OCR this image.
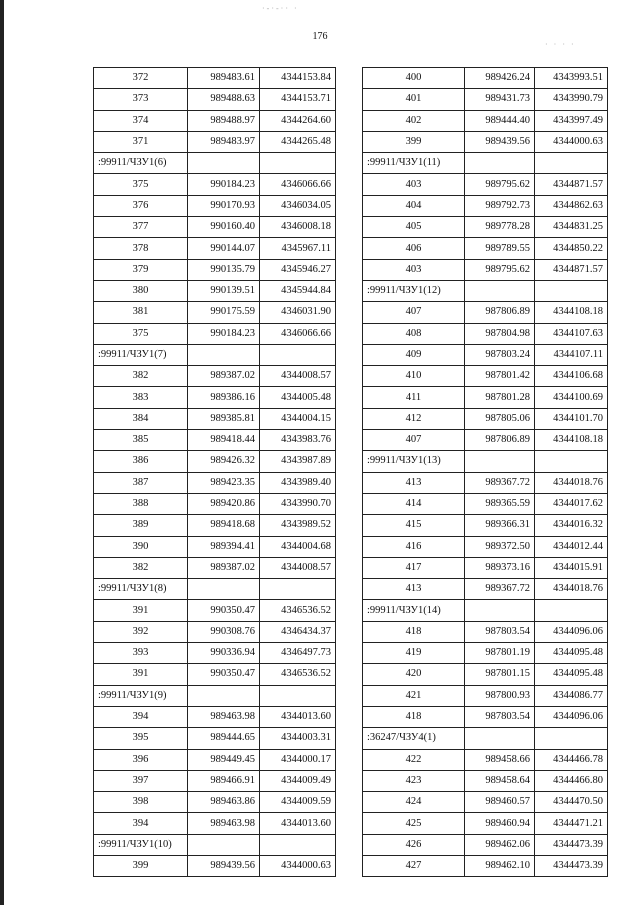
·-·-·· ·
· · · ·
176
372	989483.61	4344153.84
373	989488.63	4344153.71
374	989488.97	4344264.60
371	989483.97	4344265.48
:99911/ЧЗУ1(6)		
375	990184.23	4346066.66
376	990170.93	4346034.05
377	990160.40	4346008.18
378	990144.07	4345967.11
379	990135.79	4345946.27
380	990139.51	4345944.84
381	990175.59	4346031.90
375	990184.23	4346066.66
:99911/ЧЗУ1(7)		
382	989387.02	4344008.57
383	989386.16	4344005.48
384	989385.81	4344004.15
385	989418.44	4343983.76
386	989426.32	4343987.89
387	989423.35	4343989.40
388	989420.86	4343990.70
389	989418.68	4343989.52
390	989394.41	4344004.68
382	989387.02	4344008.57
:99911/ЧЗУ1(8)		
391	990350.47	4346536.52
392	990308.76	4346434.37
393	990336.94	4346497.73
391	990350.47	4346536.52
:99911/ЧЗУ1(9)		
394	989463.98	4344013.60
395	989444.65	4344003.31
396	989449.45	4344000.17
397	989466.91	4344009.49
398	989463.86	4344009.59
394	989463.98	4344013.60
:99911/ЧЗУ1(10)		
399	989439.56	4344000.63
400	989426.24	4343993.51
401	989431.73	4343990.79
402	989444.40	4343997.49
399	989439.56	4344000.63
:99911/ЧЗУ1(11)		
403	989795.62	4344871.57
404	989792.73	4344862.63
405	989778.28	4344831.25
406	989789.55	4344850.22
403	989795.62	4344871.57
:99911/ЧЗУ1(12)		
407	987806.89	4344108.18
408	987804.98	4344107.63
409	987803.24	4344107.11
410	987801.42	4344106.68
411	987801.28	4344100.69
412	987805.06	4344101.70
407	987806.89	4344108.18
:99911/ЧЗУ1(13)		
413	989367.72	4344018.76
414	989365.59	4344017.62
415	989366.31	4344016.32
416	989372.50	4344012.44
417	989373.16	4344015.91
413	989367.72	4344018.76
:99911/ЧЗУ1(14)		
418	987803.54	4344096.06
419	987801.19	4344095.48
420	987801.15	4344095.48
421	987800.93	4344086.77
418	987803.54	4344096.06
:36247/ЧЗУ4(1)		
422	989458.66	4344466.78
423	989458.64	4344466.80
424	989460.57	4344470.50
425	989460.94	4344471.21
426	989462.06	4344473.39
427	989462.10	4344473.39
